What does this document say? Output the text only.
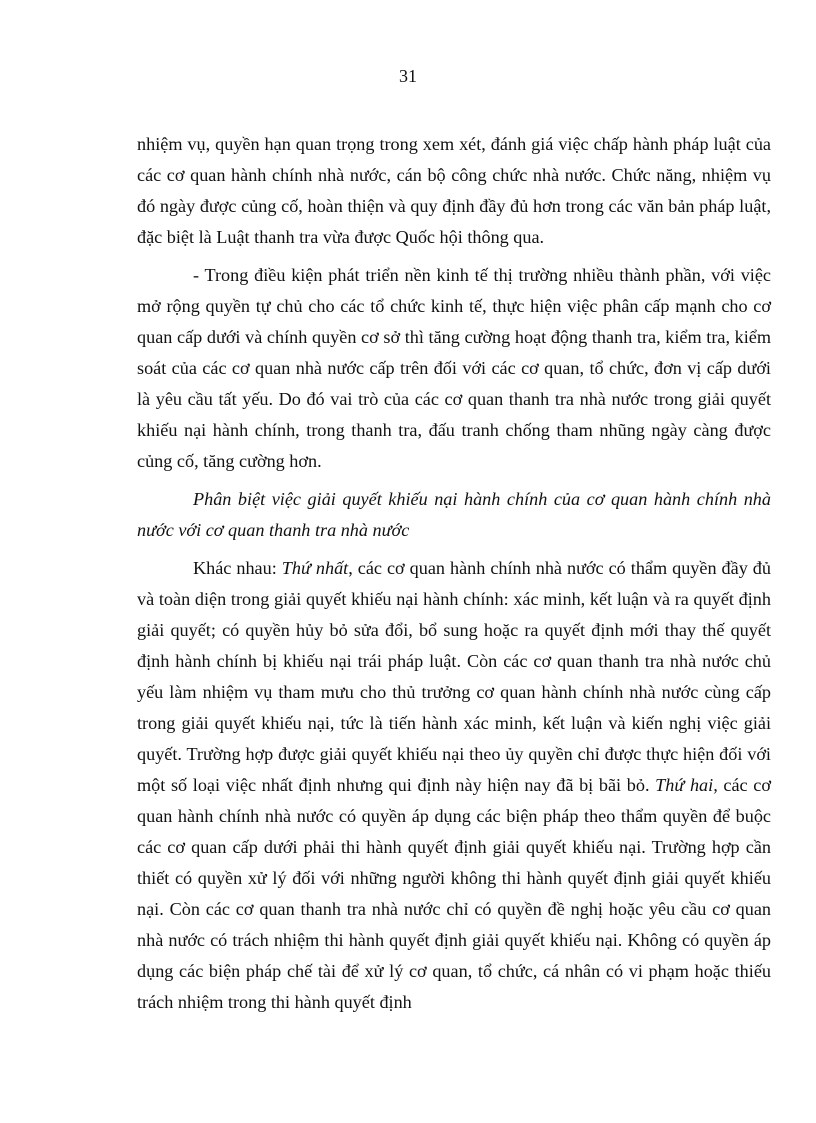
31

nhiệm vụ, quyền hạn quan trọng trong xem xét, đánh giá việc chấp hành pháp luật của các cơ quan hành chính nhà nước, cán bộ công chức nhà nước. Chức năng, nhiệm vụ đó ngày được củng cố, hoàn thiện và quy định đầy đủ hơn trong các văn bản pháp luật, đặc biệt là Luật thanh tra vừa được Quốc hội thông qua.

- Trong điều kiện phát triển nền kinh tế thị trường nhiều thành phần, với việc mở rộng quyền tự chủ cho các tổ chức kinh tế, thực hiện việc phân cấp mạnh cho cơ quan cấp dưới và chính quyền cơ sở thì tăng cường hoạt động thanh tra, kiểm tra, kiểm soát của các cơ quan nhà nước cấp trên đối với các cơ quan, tổ chức, đơn vị cấp dưới là yêu cầu tất yếu. Do đó vai trò của các cơ quan thanh tra nhà nước trong giải quyết khiếu nại hành chính, trong thanh tra, đấu tranh chống tham nhũng ngày càng được củng cố, tăng cường hơn.

Phân biệt việc giải quyết khiếu nại hành chính của cơ quan hành chính nhà nước với cơ quan thanh tra nhà nước

Khác nhau: Thứ nhất, các cơ quan hành chính nhà nước có thẩm quyền đầy đủ và toàn diện trong giải quyết khiếu nại hành chính: xác minh, kết luận và ra quyết định giải quyết; có quyền hủy bỏ sửa đổi, bổ sung hoặc ra quyết định mới thay thế quyết định hành chính bị khiếu nại trái pháp luật. Còn các cơ quan thanh tra nhà nước chủ yếu làm nhiệm vụ tham mưu cho thủ trưởng cơ quan hành chính nhà nước cùng cấp trong giải quyết khiếu nại, tức là tiến hành xác minh, kết luận và kiến nghị việc giải quyết. Trường hợp được giải quyết khiếu nại theo ủy quyền chỉ được thực hiện đối với một số loại việc nhất định nhưng qui định này hiện nay đã bị bãi bỏ. Thứ hai, các cơ quan hành chính nhà nước có quyền áp dụng các biện pháp theo thẩm quyền để buộc các cơ quan cấp dưới phải thi hành quyết định giải quyết khiếu nại. Trường hợp cần thiết có quyền xử lý đối với những người không thi hành quyết định giải quyết khiếu nại. Còn các cơ quan thanh tra nhà nước chỉ có quyền đề nghị hoặc yêu cầu cơ quan nhà nước có trách nhiệm thi hành quyết định giải quyết khiếu nại. Không có quyền áp dụng các biện pháp chế tài để xử lý cơ quan, tổ chức, cá nhân có vi phạm hoặc thiếu trách nhiệm trong thi hành quyết định
